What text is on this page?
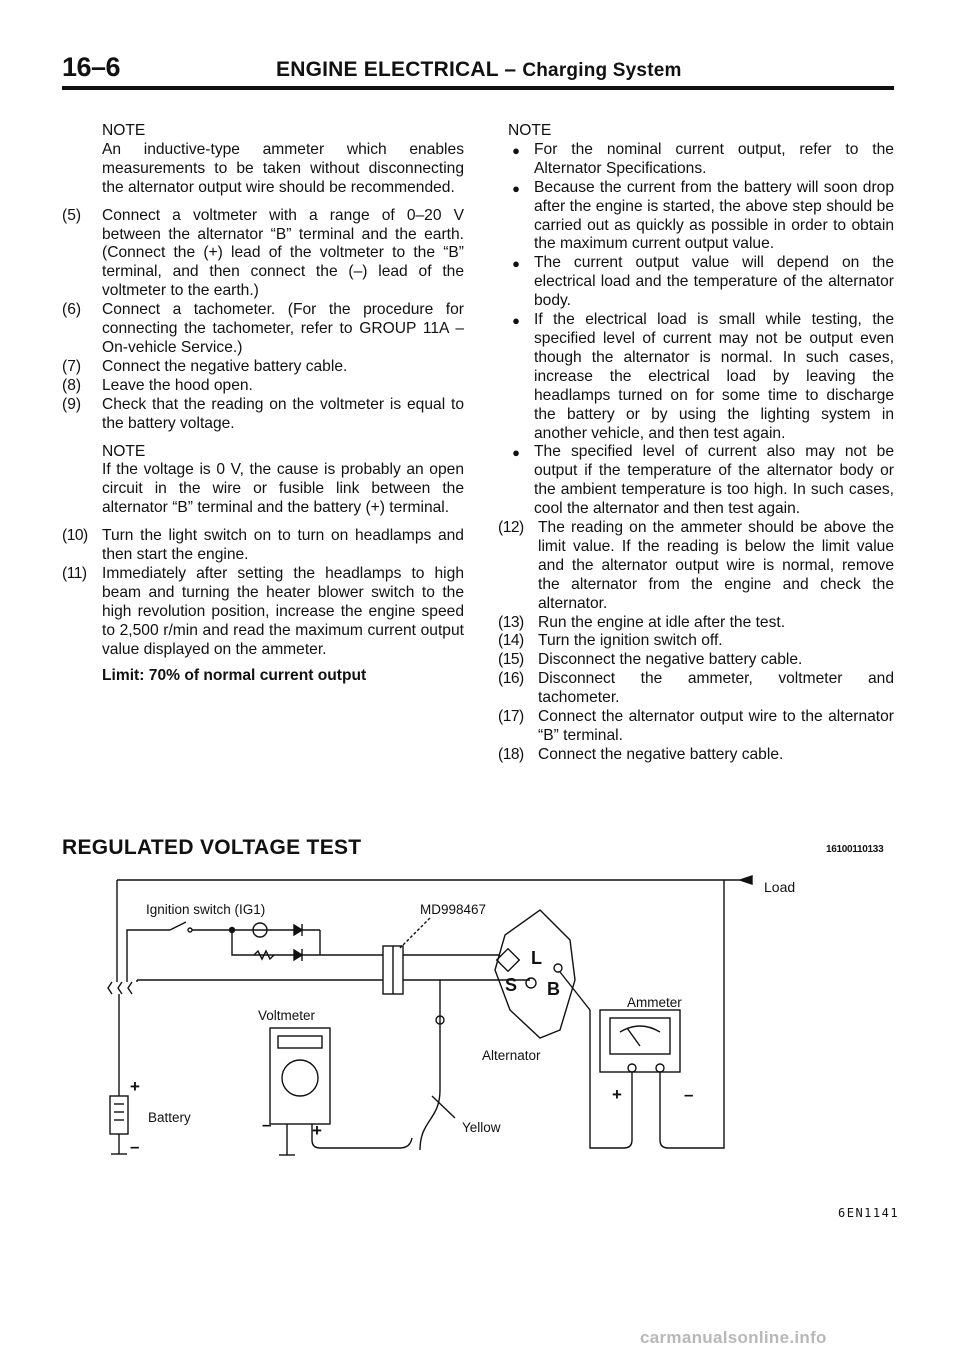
16–6	ENGINE ELECTRICAL – Charging System

NOTE

An inductive-type ammeter which enables measurements to be taken without disconnecting the alternator output wire should be recommended.

(5)	Connect a voltmeter with a range of 0–20 V between the alternator “B” terminal and the earth. (Connect the (+) lead of the voltmeter to the “B” terminal, and then connect the (–) lead of the voltmeter to the earth.)
(6)	Connect a tachometer. (For the procedure for connecting the tachometer, refer to GROUP 11A – On-vehicle Service.)
(7)	Connect the negative battery cable.
(8)	Leave the hood open.
(9)	Check that the reading on the voltmeter is equal to the battery voltage.

NOTE

If the voltage is 0 V, the cause is probably an open circuit in the wire or fusible link between the alternator “B” terminal and the battery (+) terminal.

(10) Turn the light switch on to turn on headlamps and then start the engine.
(11) Immediately after setting the headlamps to high beam and turning the heater blower switch to the high revolution position, increase the engine speed to 2,500 r/min and read the maximum current output value displayed on the ammeter.

Limit: 70% of normal current output

NOTE

● For the nominal current output, refer to the Alternator Specifications.
● Because the current from the battery will soon drop after the engine is started, the above step should be carried out as quickly as possible in order to obtain the maximum current output value.
● The current output value will depend on the electrical load and the temperature of the alternator body.
● If the electrical load is small while testing, the specified level of current may not be output even though the alternator is normal. In such cases, increase the electrical load by leaving the headlamps turned on for some time to discharge the battery or by using the lighting system in another vehicle, and then test again.
● The specified level of current also may not be output if the temperature of the alternator body or the ambient temperature is too high. In such cases, cool the alternator and then test again.
(12) The reading on the ammeter should be above the limit value. If the reading is below the limit value and the alternator output wire is normal, remove the alternator from the engine and check the alternator.
(13) Run the engine at idle after the test.
(14) Turn the ignition switch off.
(15) Disconnect the negative battery cable.
(16) Disconnect the ammeter, voltmeter and tachometer.
(17) Connect the alternator output wire to the alternator “B” terminal.
(18) Connect the negative battery cable.
REGULATED VOLTAGE TEST	16100110133
Load
Ignition switch (IG1)	MD998467
L
S B
Alternator
Ammeter
+	–
Voltmeter
– +	Yellow
+
–
Battery
6EN1141
carmanualsonline.info
